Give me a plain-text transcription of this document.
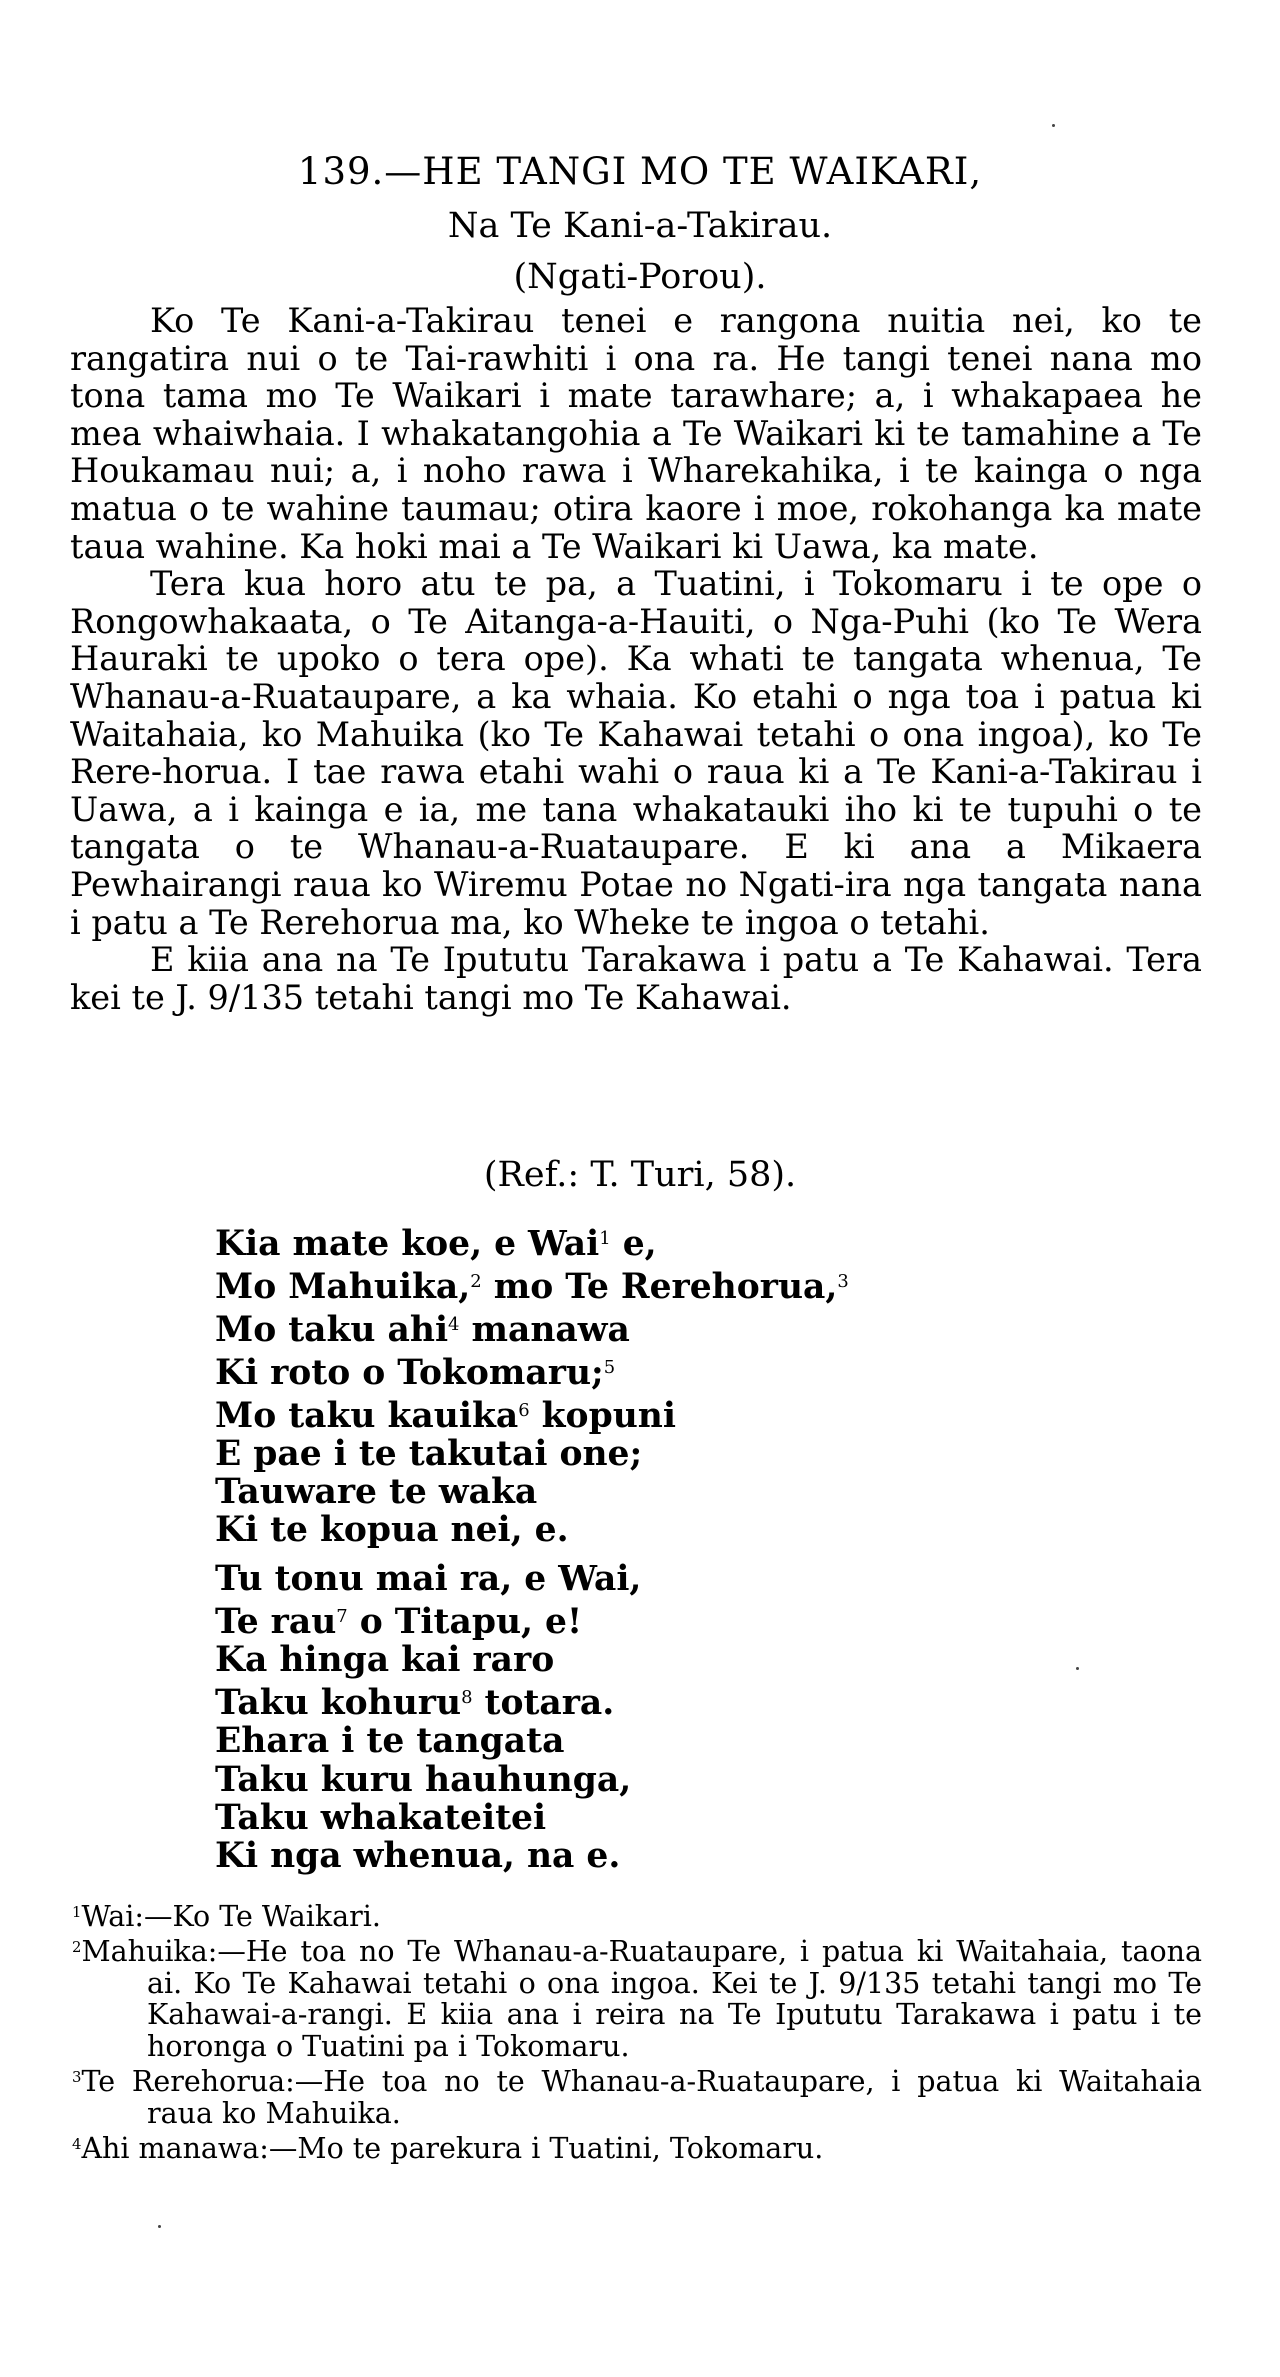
139.—HE TANGI MO TE WAIKARI,
Na Te Kani-a-Takirau.
(Ngati-Porou).

Ko Te Kani-a-Takirau tenei e rangona nuitia nei, ko te rangatira nui o te Tai-rawhiti i ona ra. He tangi tenei nana mo tona tama mo Te Waikari i mate tarawhare; a, i whakapaea he mea whaiwhaia. I whakatangohia a Te Waikari ki te tamahine a Te Houkamau nui; a, i noho rawa i Wharekahika, i te kainga o nga matua o te wahine taumau; otira kaore i moe, rokohanga ka mate taua wahine. Ka hoki mai a Te Waikari ki Uawa, ka mate.

Tera kua horo atu te pa, a Tuatini, i Tokomaru i te ope o Rongowhakaata, o Te Aitanga-a-Hauiti, o Nga-Puhi (ko Te Wera Hauraki te upoko o tera ope). Ka whati te tangata whenua, Te Whanau-a-Ruataupare, a ka whaia. Ko etahi o nga toa i patua ki Waitahaia, ko Mahuika (ko Te Kahawai tetahi o ona ingoa), ko Te Rere-horua. I tae rawa etahi wahi o raua ki a Te Kani-a-Takirau i Uawa, a i kainga e ia, me tana whakatauki iho ki te tupuhi o te tangata o te Whanau-a-Ruataupare. E ki ana a Mikaera Pewhairangi raua ko Wiremu Potae no Ngati-ira nga tangata nana i patu a Te Rerehorua ma, ko Wheke te ingoa o tetahi.

E kiia ana na Te Ipututu Tarakawa i patu a Te Kahawai. Tera kei te J. 9/135 tetahi tangi mo Te Kahawai.

(Ref.: T. Turi, 58).
Kia mate koe, e Wai$^1$ e,
Mo Mahuika,$^2$ mo Te Rerehorua,$^3$
Mo taku ahi$^4$ manawa
Ki roto o Tokomaru;$^5$
Mo taku kauika$^6$ kopuni
E pae i te takutai one;
Tauware te waka
Ki te kopua nei, e.
Tu tonu mai ra, e Wai,
Te rau$^7$ o Titapu, e!
Ka hinga kai raro
Taku kohuru$^8$ totara.
Ehara i te tangata
Taku kuru hauhunga,
Taku whakateitei
Ki nga whenua, na e.
$^1$Wai:—Ko Te Waikari.
$^2$Mahuika:—He toa no Te Whanau-a-Ruataupare, i patua ki Waitahaia, taona ai. Ko Te Kahawai tetahi o ona ingoa. Kei te J. 9/135 tetahi tangi mo Te Kahawai-a-rangi. E kiia ana i reira na Te Ipututu Tarakawa i patu i te horonga o Tuatini pa i Tokomaru.
$^3$Te Rerehorua:—He toa no te Whanau-a-Ruataupare, i patua ki Waitahaia raua ko Mahuika.
$^4$Ahi manawa:—Mo te parekura i Tuatini, Tokomaru.
